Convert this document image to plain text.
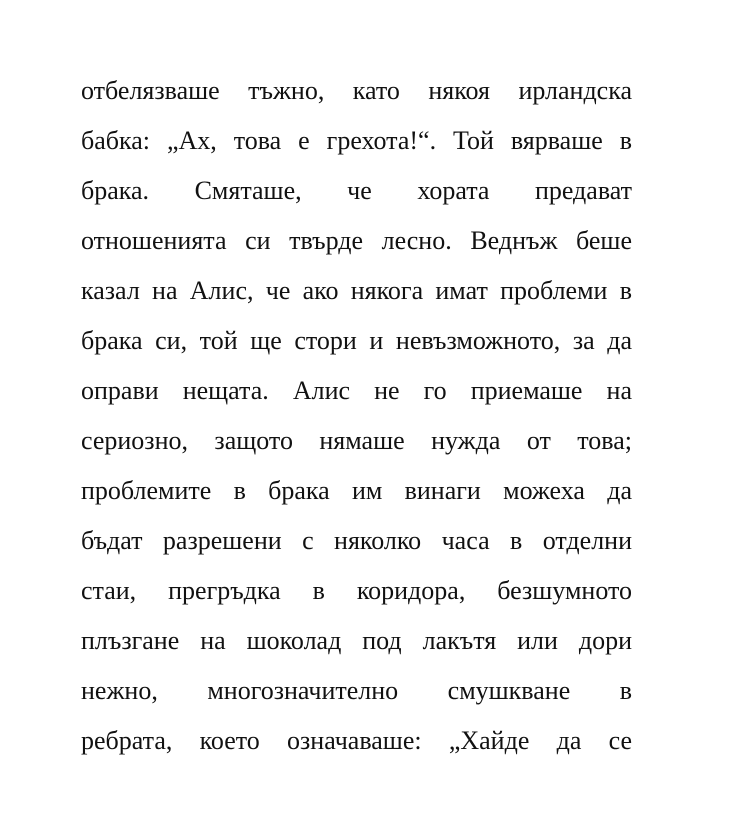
отбелязваше тъжно, като някоя ирландска
бабка: „Ах, това е грехота!“. Той вярваше в
брака. Смяташе, че хората предават
отношенията си твърде лесно. Веднъж беше
казал на Алис, че ако някога имат проблеми в
брака си, той ще стори и невъзможното, за да
оправи нещата. Алис не го приемаше на
сериозно, защото нямаше нужда от това;
проблемите в брака им винаги можеха да
бъдат разрешени с няколко часа в отделни
стаи, прегръдка в коридора, безшумното
плъзгане на шоколад под лакътя или дори
нежно, многозначително смушкване в
ребрата, което означаваше: „Хайде да се
